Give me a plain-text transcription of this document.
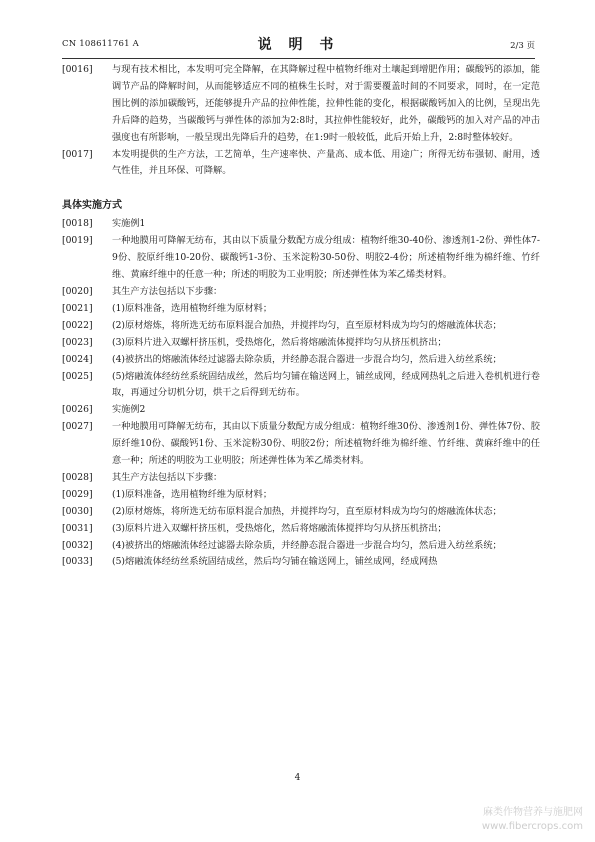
CN 108611761 A	说 明 书	2/3 页
[0016]	与现有技术相比，本发明可完全降解，在其降解过程中植物纤维对土壤起到增肥作用；碳酸钙的添加，能调节产品的降解时间，从而能够适应不同的植株生长时，对于需要覆盖时间的不同要求，同时，在一定范围比例的添加碳酸钙，还能够提升产品的拉伸性能，拉伸性能的变化，根据碳酸钙加入的比例，呈现出先升后降的趋势，当碳酸钙与弹性体的添加为2:8时，其拉伸性能较好，此外，碳酸钙的加入对产品的冲击强度也有所影响，一般呈现出先降后升的趋势，在1:9时一般较低，此后开始上升，2:8时整体较好。
[0017]	本发明提供的生产方法，工艺简单，生产速率快、产量高、成本低、用途广；所得无纺布强韧、耐用，透气性佳，并且环保、可降解。
具体实施方式
[0018]	实施例1
[0019]	一种地膜用可降解无纺布，其由以下质量分数配方成分组成：植物纤维30-40份、渗透剂1-2份、弹性体7-9份、胶原纤维10-20份、碳酸钙1-3份、玉米淀粉30-50份、明胶2-4份；所述植物纤维为棉纤维、竹纤维、黄麻纤维中的任意一种；所述的明胶为工业明胶；所述弹性体为苯乙烯类材料。
[0020]	其生产方法包括以下步骤：
[0021]	(1)原料准备，选用植物纤维为原材料；
[0022]	(2)原材熔炼，将所选无纺布原料混合加热，并搅拌均匀，直至原材料成为均匀的熔融流体状态；
[0023]	(3)原料片进入双螺杆挤压机，受热熔化，然后将熔融流体搅拌均匀从挤压机挤出；
[0024]	(4)被挤出的熔融流体经过滤器去除杂质，并经静态混合器进一步混合均匀，然后进入纺丝系统；
[0025]	(5)熔融流体经纺丝系统固结成丝，然后均匀铺在输送网上，铺丝成网，经成网热轧之后进入卷机机进行卷取，再通过分切机分切，烘干之后得到无纺布。
[0026]	实施例2
[0027]	一种地膜用可降解无纺布，其由以下质量分数配方成分组成：植物纤维30份、渗透剂1份、弹性体7份、胶原纤维10份、碳酸钙1份、玉米淀粉30份、明胶2份；所述植物纤维为棉纤维、竹纤维、黄麻纤维中的任意一种；所述的明胶为工业明胶；所述弹性体为苯乙烯类材料。
[0028]	其生产方法包括以下步骤：
[0029]	(1)原料准备，选用植物纤维为原材料；
[0030]	(2)原材熔炼，将所选无纺布原料混合加热，并搅拌均匀，直至原材料成为均匀的熔融流体状态；
[0031]	(3)原料片进入双螺杆挤压机，受热熔化，然后将熔融流体搅拌均匀从挤压机挤出；
[0032]	(4)被挤出的熔融流体经过滤器去除杂质，并经静态混合器进一步混合均匀，然后进入纺丝系统；
[0033]	(5)熔融流体经纺丝系统固结成丝，然后均匀铺在输送网上，铺丝成网，经成网热
4
麻类作物营养与施肥网
www.fibercrops.com
